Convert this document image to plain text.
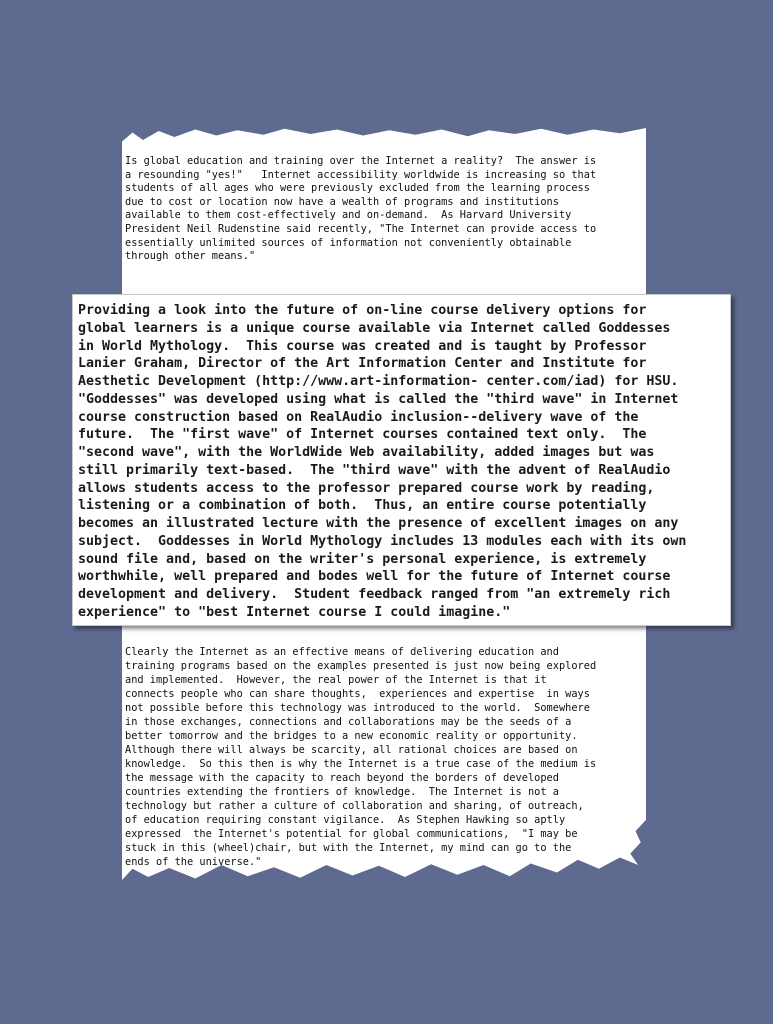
Is global education and training over the Internet a reality?  The answer is
a resounding "yes!"   Internet accessibility worldwide is increasing so that
students of all ages who were previously excluded from the learning process
due to cost or location now have a wealth of programs and institutions
available to them cost-effectively and on-demand.  As Harvard University
President Neil Rudenstine said recently, "The Internet can provide access to
essentially unlimited sources of information not conveniently obtainable
through other means."

Providing a look into the future of on-line course delivery options for
global learners is a unique course available via Internet called Goddesses
in World Mythology.  This course was created and is taught by Professor
Lanier Graham, Director of the Art Information Center and Institute for
Aesthetic Development (http://www.art-information- center.com/iad) for HSU.
"Goddesses" was developed using what is called the "third wave" in Internet
course construction based on RealAudio inclusion--delivery wave of the
future.  The "first wave" of Internet courses contained text only.  The
"second wave", with the WorldWide Web availability, added images but was
still primarily text-based.  The "third wave" with the advent of RealAudio
allows students access to the professor prepared course work by reading,
listening or a combination of both.  Thus, an entire course potentially
becomes an illustrated lecture with the presence of excellent images on any
subject.  Goddesses in World Mythology includes 13 modules each with its own
sound file and, based on the writer's personal experience, is extremely
worthwhile, well prepared and bodes well for the future of Internet course
development and delivery.  Student feedback ranged from "an extremely rich
experience" to "best Internet course I could imagine."

Clearly the Internet as an effective means of delivering education and
training programs based on the examples presented is just now being explored
and implemented.  However, the real power of the Internet is that it
connects people who can share thoughts,  experiences and expertise  in ways
not possible before this technology was introduced to the world.  Somewhere
in those exchanges, connections and collaborations may be the seeds of a
better tomorrow and the bridges to a new economic reality or opportunity.
Although there will always be scarcity, all rational choices are based on
knowledge.  So this then is why the Internet is a true case of the medium is
the message with the capacity to reach beyond the borders of developed
countries extending the frontiers of knowledge.  The Internet is not a
technology but rather a culture of collaboration and sharing, of outreach,
of education requiring constant vigilance.  As Stephen Hawking so aptly
expressed  the Internet's potential for global communications,  "I may be
stuck in this (wheel)chair, but with the Internet, my mind can go to the
ends of the universe."
